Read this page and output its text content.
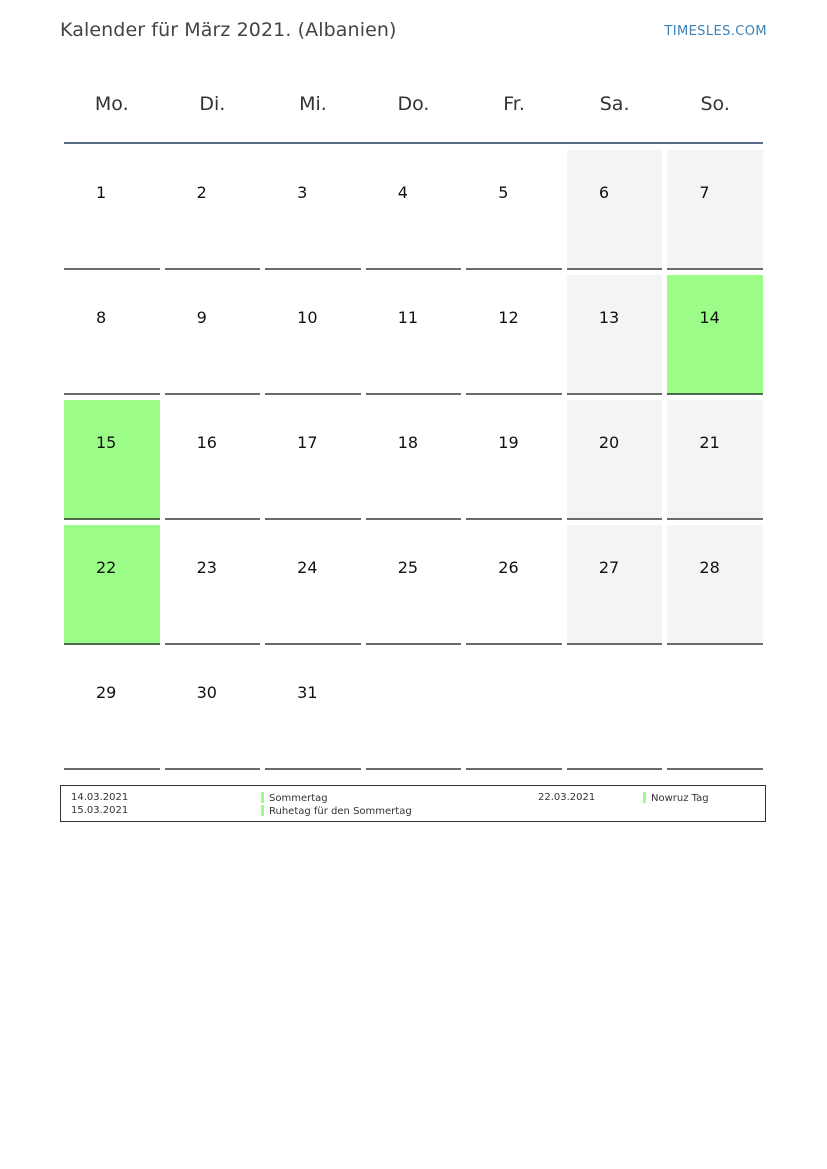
Kalender für März 2021. (Albanien)	TIMESLES.COM
Mo.	Di.	Mi.	Do.	Fr.	Sa.	So.
1	2	3	4	5	6	7
8	9	10	11	12	13	14
15	16	17	18	19	20	21
22	23	24	25	26	27	28
29	30	31
14.03.2021	Sommertag
15.03.2021	Ruhetag für den Sommertag
22.03.2021	Nowruz Tag
